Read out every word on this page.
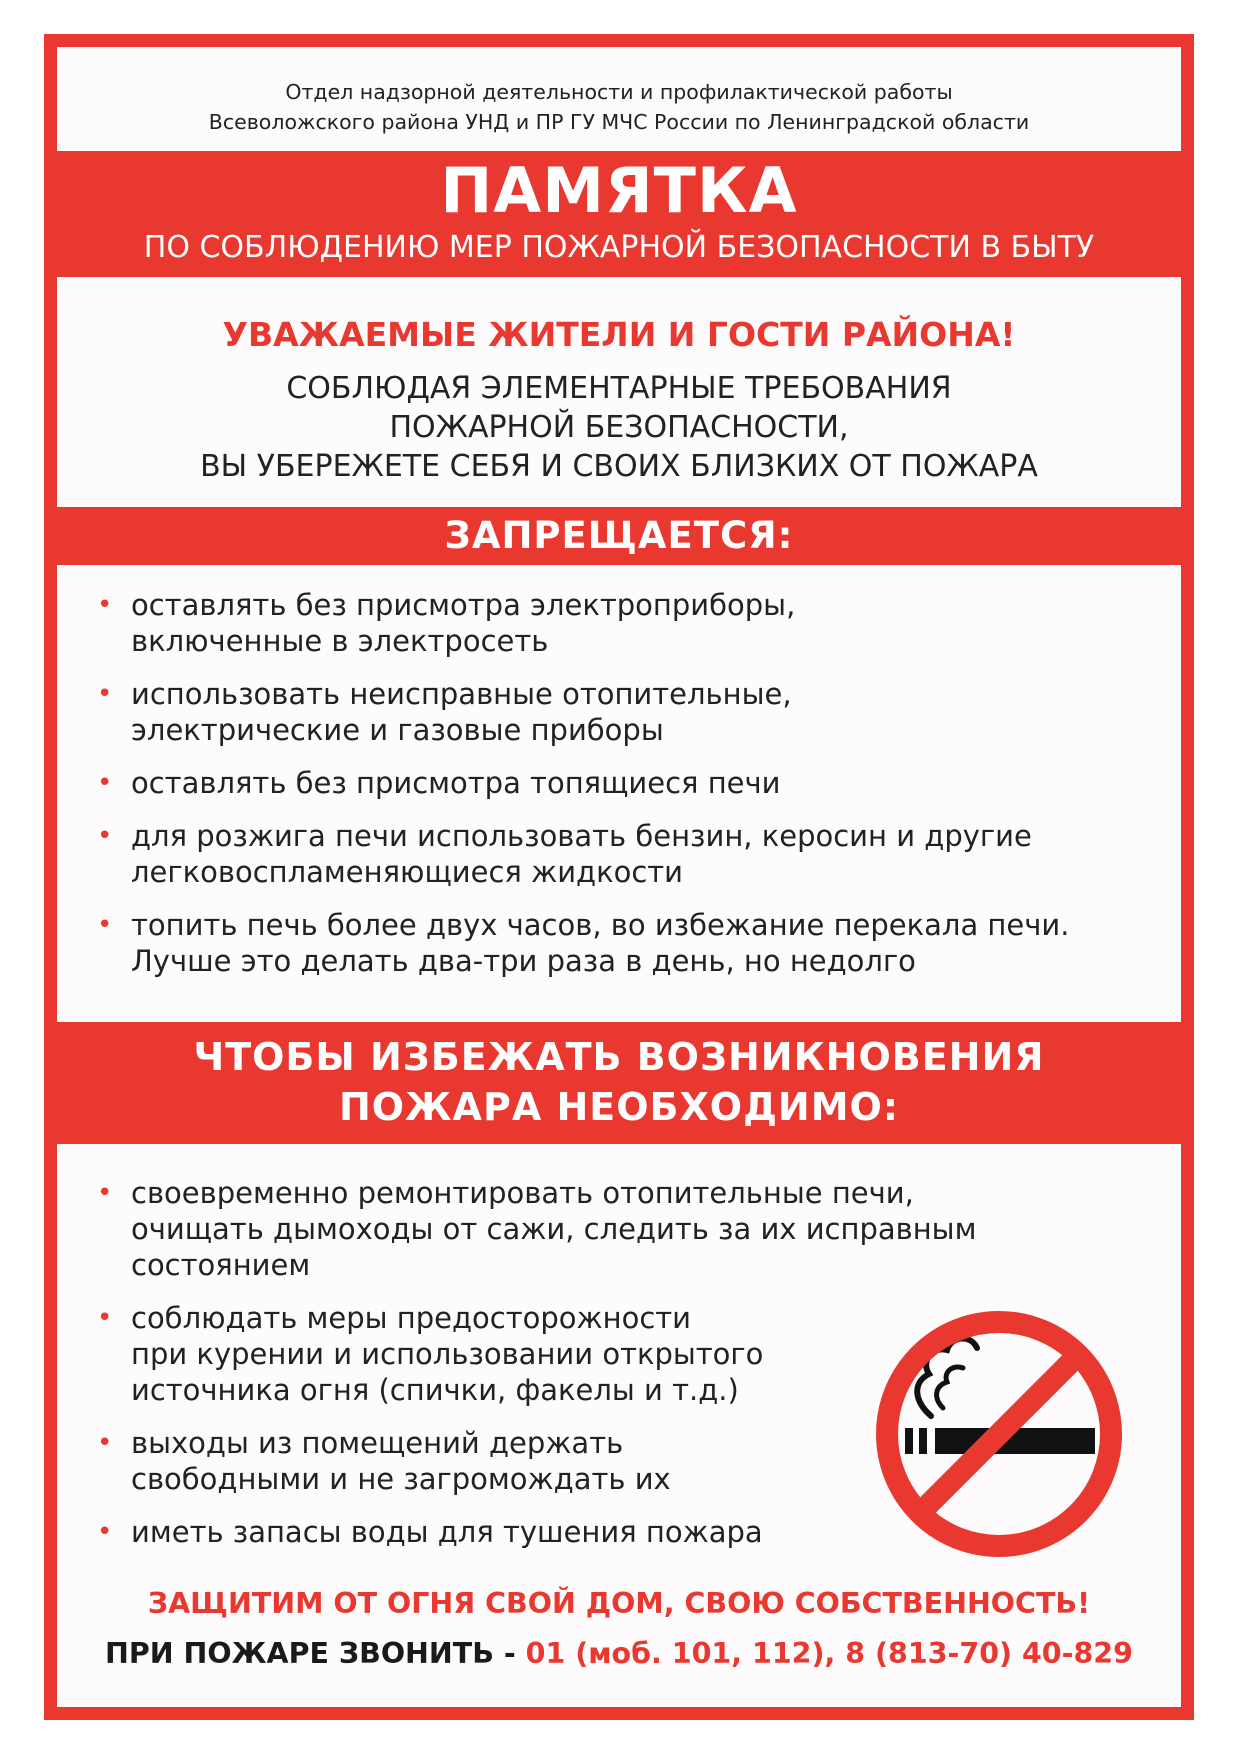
Отдел надзорной деятельности и профилактической работы
Всеволожского района УНД и ПР ГУ МЧС России по Ленинградской области
ПАМЯТКА
ПО СОБЛЮДЕНИЮ МЕР ПОЖАРНОЙ БЕЗОПАСНОСТИ В БЫТУ
УВАЖАЕМЫЕ ЖИТЕЛИ И ГОСТИ РАЙОНА!
СОБЛЮДАЯ ЭЛЕМЕНТАРНЫЕ ТРЕБОВАНИЯ
ПОЖАРНОЙ БЕЗОПАСНОСТИ,
ВЫ УБЕРЕЖЕТЕ СЕБЯ И СВОИХ БЛИЗКИХ ОТ ПОЖАРА
ЗАПРЕЩАЕТСЯ:
• оставлять без присмотра электроприборы,
включенные в электросеть
• использовать неисправные отопительные,
электрические и газовые приборы
• оставлять без присмотра топящиеся печи
• для розжига печи использовать бензин, керосин и другие
легковоспламеняющиеся жидкости
• топить печь более двух часов, во избежание перекала печи.
Лучше это делать два-три раза в день, но недолго
ЧТОБЫ ИЗБЕЖАТЬ ВОЗНИКНОВЕНИЯ
ПОЖАРА НЕОБХОДИМО:
• своевременно ремонтировать отопительные печи,
очищать дымоходы от сажи, следить за их исправным
состоянием
• соблюдать меры предосторожности
при курении и использовании открытого
источника огня (спички, факелы и т.д.)
• выходы из помещений держать
свободными и не загромождать их
• иметь запасы воды для тушения пожара
ЗАЩИТИМ ОТ ОГНЯ СВОЙ ДОМ, СВОЮ СОБСТВЕННОСТЬ!
ПРИ ПОЖАРЕ ЗВОНИТЬ - 01 (моб. 101, 112), 8 (813-70) 40-829
